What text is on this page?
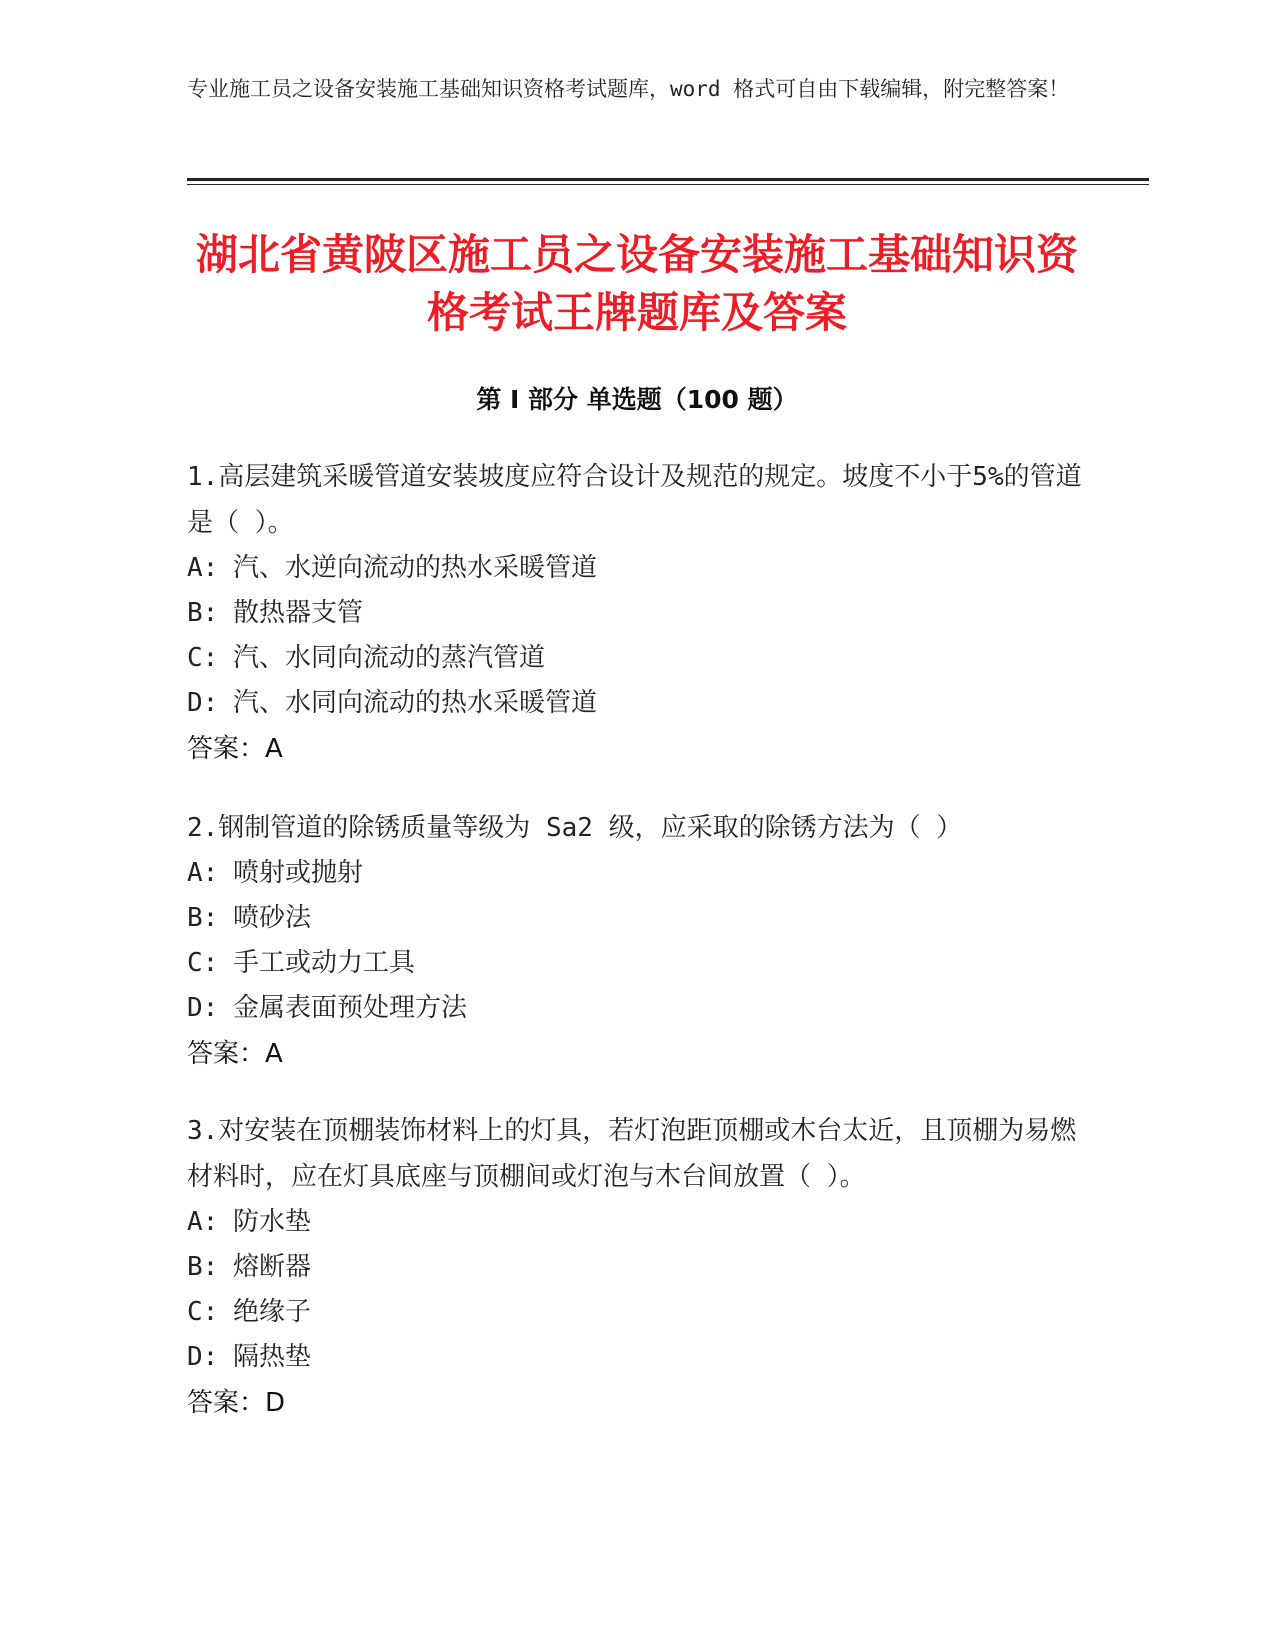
专业施工员之设备安装施工基础知识资格考试题库，word 格式可自由下载编辑，附完整答案！
湖北省黄陂区施工员之设备安装施工基础知识资格考试王牌题库及答案
第 I 部分 单选题（100 题）

1.高层建筑采暖管道安装坡度应符合设计及规范的规定。坡度不小于5%的管道是（ ）。

A: 汽、水逆向流动的热水采暖管道
B: 散热器支管
C: 汽、水同向流动的蒸汽管道
D: 汽、水同向流动的热水采暖管道

答案：A

2.钢制管道的除锈质量等级为 Sa2 级，应采取的除锈方法为（ ）

A: 喷射或抛射
B: 喷砂法
C: 手工或动力工具
D: 金属表面预处理方法

答案：A

3.对安装在顶棚装饰材料上的灯具，若灯泡距顶棚或木台太近，且顶棚为易燃材料时，应在灯具底座与顶棚间或灯泡与木台间放置（ ）。

A: 防水垫
B: 熔断器
C: 绝缘子
D: 隔热垫

答案：D
